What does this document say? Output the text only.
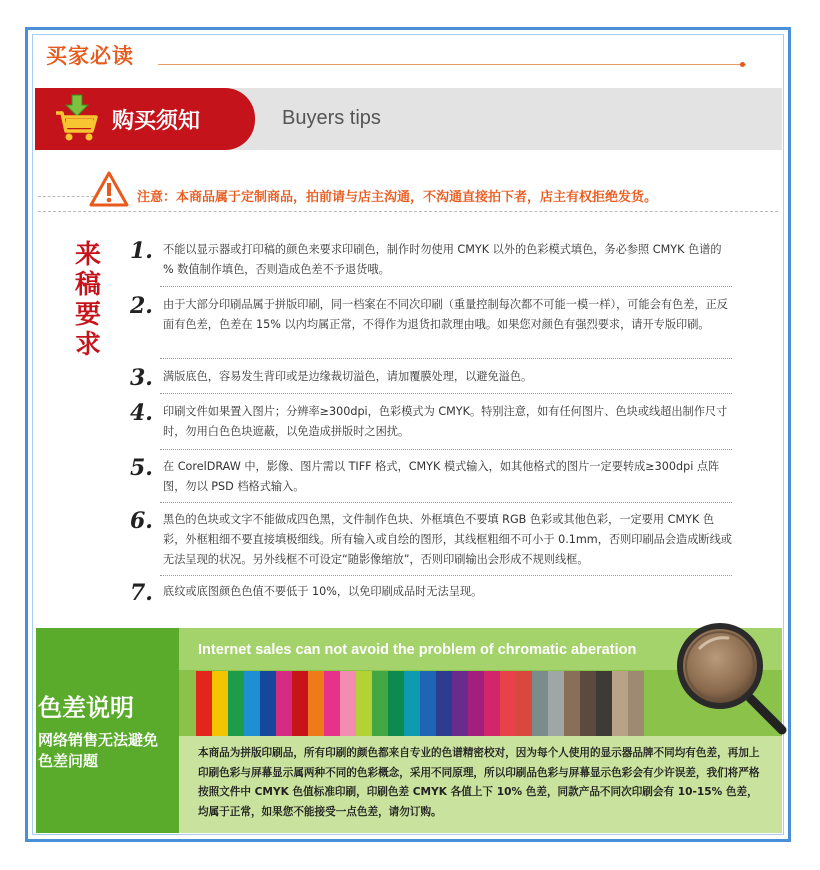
买家必读
购买须知	Buyers tips
注意：本商品属于定制商品，拍前请与店主沟通，不沟通直接拍下者，店主有权拒绝发货。
来稿要求
1. 不能以显示器或打印稿的颜色来要求印刷色，制作时勿使用 CMYK 以外的色彩模式填色，务必参照 CMYK 色谱的 % 数值制作填色，否则造成色差不予退货哦。
2. 由于大部分印刷品属于拼版印刷，同一档案在不同次印刷（重量控制每次都不可能一模一样），可能会有色差，正反面有色差，色差在 15% 以内均属正常，不得作为退货扣款理由哦。如果您对颜色有强烈要求，请开专版印刷。
3. 满版底色，容易发生背印或是边缘裁切溢色，请加覆膜处理，以避免溢色。
4. 印刷文件如果置入图片；分辨率≥300dpi，色彩模式为 CMYK。特别注意，如有任何图片、色块或线超出制作尺寸时，勿用白色色块遮蔽，以免造成拼版时之困扰。
5. 在 CorelDRAW 中，影像、图片需以 TIFF 格式，CMYK 模式输入，如其他格式的图片一定要转成≥300dpi 点阵图，勿以 PSD 档格式输入。
6. 黑色的色块或文字不能做成四色黑，文件制作色块、外框填色不要填 RGB 色彩或其他色彩，一定要用 CMYK 色彩，外框粗细不要直接填极细线。所有输入或自绘的图形，其线框粗细不可小于 0.1mm，否则印刷品会造成断线或无法呈现的状况。另外线框不可设定“随影像缩放”，否则印刷输出会形成不规则线框。
7. 底纹或底图颜色色值不要低于 10%，以免印刷成品时无法呈现。
Internet sales can not avoid the problem of chromatic aberation
色差说明
网络销售无法避免色差问题	本商品为拼版印刷品，所有印刷的颜色都来自专业的色谱精密校对，因为每个人使用的显示器品牌不同均有色差，再加上印刷色彩与屏幕显示属两种不同的色彩概念，采用不同原理，所以印刷品色彩与屏幕显示色彩会有少许误差，我们将严格按照文件中 CMYK 色值标准印刷，印刷色差 CMYK 各值上下 10% 色差，同款产品不同次印刷会有 10-15% 色差，均属于正常，如果您不能接受一点色差，请勿订购。
